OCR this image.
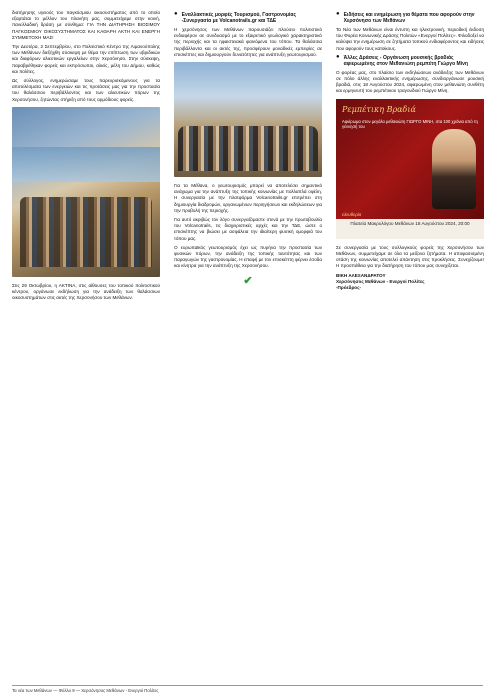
διατήρησης υγειούς του παγκόσμιου οικοσυστήματος από το οποίο εξαρτάται το μέλλον του πλανήτη μας, συμμετείχαμε στην κοινή, πανελλαδική δράση με σύνθημα: ΓΙΑ ΤΗΝ ΔΙΑΤΗΡΗΣΗ ΒΙΟΣΙΜΟΥ ΠΑΓΚΟΣΜΙΟΥ ΟΙΚΟΣΥΣΤΗΜΑΤΟΣ ΚΑΙ ΚΑΘΑΡΗ ΑΚΤΗ ΚΑΙ ΕΝΕΡΓΗ ΣΥΜΜΕΤΟΧΗ ΜΑΣ!

Την Δευτέρα, 2 Σεπτεμβρίου, στο Πολιτιστικό Κέντρο της Λιμανούπολης των Μεθάνων διεξήχθη σύσκεψη με θέμα την επίπτωση των υβριδικών και διαφόρων αλιευτικών εργαλείων στην Χερσόνησο. Στην σύσκεψη, παραβρέθηκαν φορείς και εκπρόσωποι, αλιείς, μέλη του Δήμου, καθώς και πολίτες.

Ως σύλλογος, ενημερώσαμε τους παρευρισκόμενους για τα αποτελέσματα των ενεργειών και τις προτάσεις μας για την προστασία του θαλάσσιου περιβάλλοντος και των αλιευτικών πόρων της Χερσονήσου, ζητώντας στήριξη από τους αρμόδιους φορείς.

Στις 29 Οκτωβρίου, η ΑΚΤΙΝΑ, στις αίθουσες του τοπικού πολιτιστικού κέντρου, οργάνωσε εκδήλωση για την ανάδειξη των θαλάσσιων οικοσυστημάτων στις ακτές της Χερσονήσου των Μεθάνων.

● Εναλλακτικές μορφές Τουρισμού, Γαστρονομίας -Συνεργασία με Volcanotrails.gr και ΤΔΕ

Η χερσόνησος των Μεθάνων παρουσιάζει πλούσιο πολιτιστικό ενδιαφέρον σε συνδυασμό με το εξαιρετικό γεωλογικό χαρακτηριστικό της περιοχής και τα ηφαιστειακά φαινόμενα του τόπου. Τα θαλάσσια περιβάλλοντα και οι ακτές της, προσφέρουν μοναδικές εμπειρίες σε επισκέπτες και δημιουργούν δυνατότητες για ανάπτυξη γεωτουρισμού.

Για τα Μέθανα, ο γεωτουρισμός μπορεί να αποτελέσει σημαντικό ανάχωμα για την ανάπτυξη της τοπικής κοινωνίας με πολλαπλά οφέλη. Η συνεργασία με την πλατφόρμα Volcanotrails.gr επιτρέπει στη δημιουργία διαδρομών, οργανωμένων περιηγήσεων και εκδηλώσεων για την προβολή της περιοχής.

Για αυτό ακριβώς τον λόγο συνεργαζόμαστε στενά με την πρωτοβουλία του Volcanotrails, τις διαχειριστικές αρχές και την ΤΔΕ, ώστε ο επισκέπτης να βιώσει με ασφάλεια την ιδιαίτερη φυσική ομορφιά του τόπου μας.

Ο ευρωπαϊκός γεωτουρισμός έχει ως πυρήνα την προστασία των φυσικών πόρων, την ανάδειξη της τοπικής ταυτότητας και των παραγωγών της γαστρονομίας. Η επαφή με τον επισκέπτη φέρνει έσοδα και κίνητρα για την ανάπτυξη της Χερσονήσου.

✔
● Ειδήσεις και ενημέρωση για θέματα που αφορούν στην Χερσόνησο των Μεθάνων

Τα Νέα των Μεθάνων είναι έντυπη και ηλεκτρονική, περιοδική έκδοση του Φορέα Κοινωνικής Δράσης Πολιτών «Ενεργοί Πολίτες». Φιλοδοξεί να καλύψει την ενημέρωση σε ζητήματα τοπικού ενδιαφέροντος και ειδήσεις που αφορούν τους κατοίκους.

● Άλλες Δράσεις - Οργάνωση μουσικής βραδιάς αφιερωμένης στον Μεθανιώτη ρεμπέτη Γιώργο Μίνη

Ο φορέας μας, στο πλαίσιο των εκδηλώσεων ανάδειξης των Μεθάνων σε πόλο άλλης εναλλακτικής ενημέρωσης, συνδιοργάνωσε μουσική βραδιά, στις 18 Αυγούστου 2024, αφιερωμένη στον μεθανιώτη συνθέτη και ερμηνευτή του ρεμπέτικου τραγουδιού Γιώργο Μίνη.

Ρεμπέτικη Βραδιά
Αφιέρωμα στον μεγάλο μεθανιώτη ΓΙΩΡΓΟ ΜΙΝΗ, στα 100 χρόνια από τη γέννησή του
ελευθερία
Πλατεία Μακρυλόγου Μεθάνων 18 Αυγούστου 2024, 20:00

Σε συνεργασία με τους συλλογικούς φορείς της Χερσονήσου των Μεθάνων, συμμετείχαμε σε όλα τα μείζονα ζητήματα. Η αποφασισμένη στάση της κοινωνίας αποτελεί απάντηση στις προκλήσεις. Συνεχίζουμε! Η προσπάθεια για την διατήρηση του τόπου μας συνεχίζεται.

ΒΙΚΗ ΑΛΕΞΑΝΔΡΑΤΟΥ
Χερσόνησος Μεθάνων - Ενεργοί Πολίτες
-Πρόεδρος-
Τα νέα των Μεθάνων — Φύλλο 9 — Χερσόνησος Μεθάνων - Ενεργοί Πολίτες
